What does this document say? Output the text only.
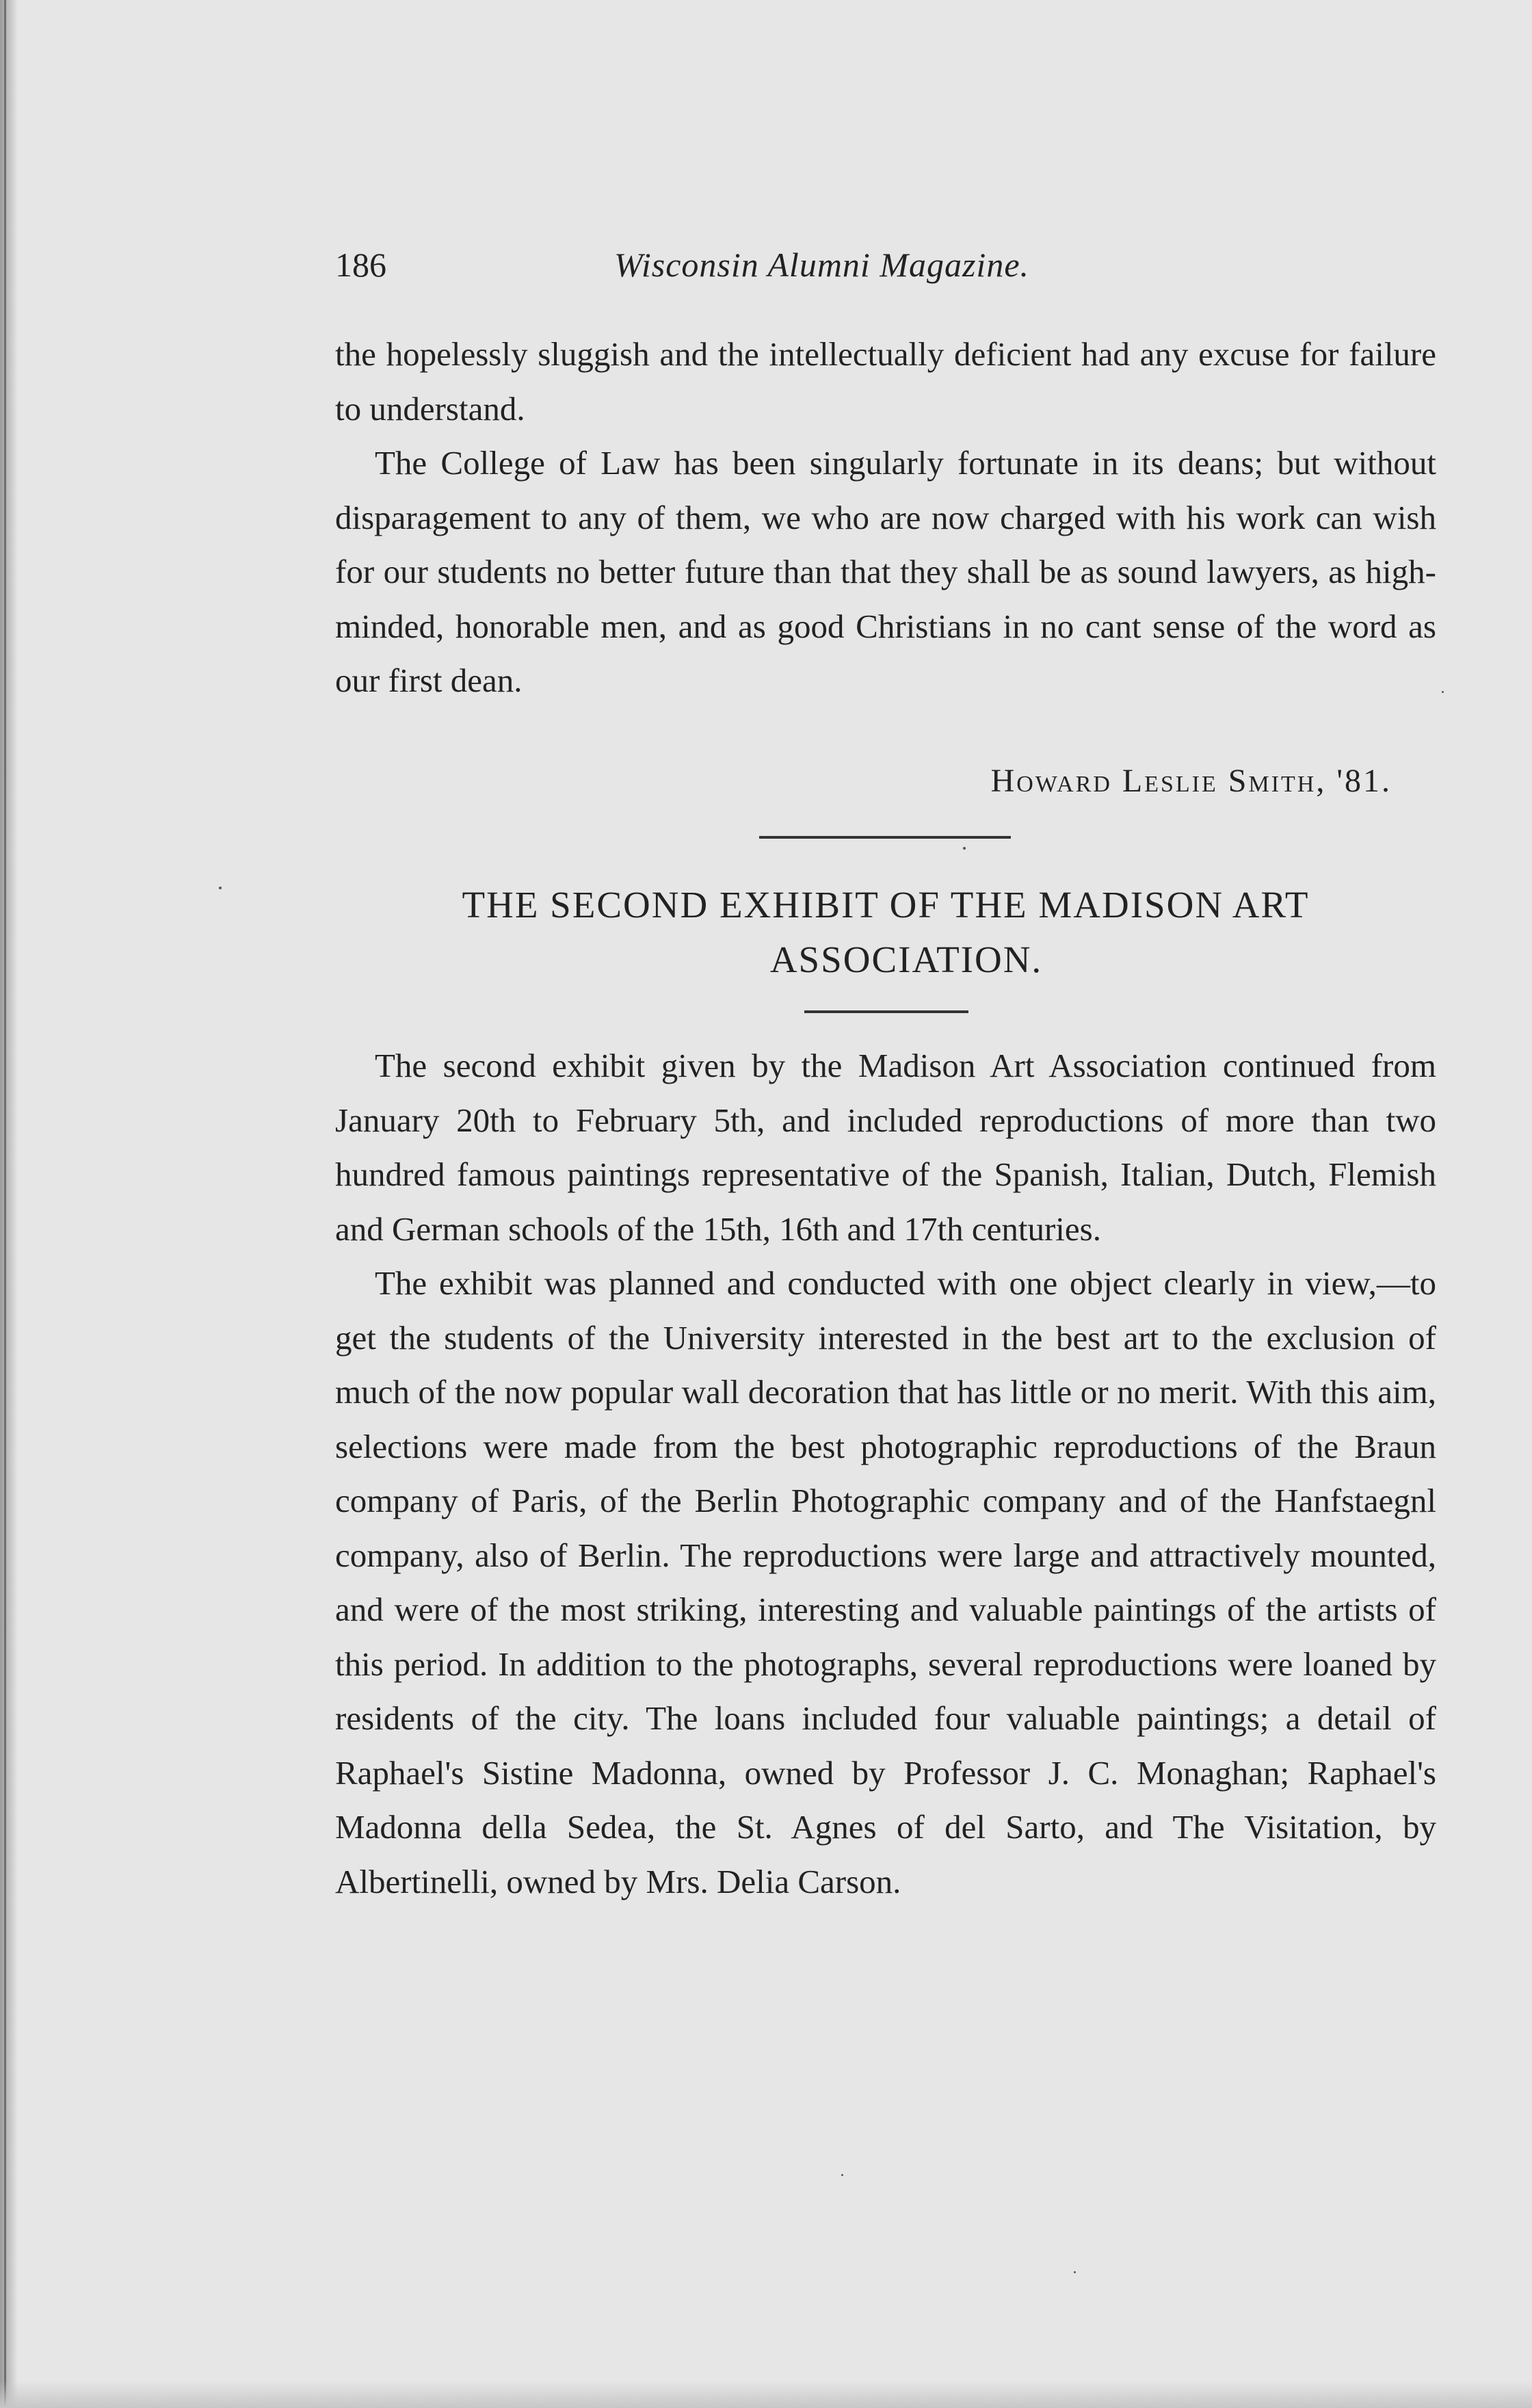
186	Wisconsin Alumni Magazine.

the hopelessly sluggish and the intellectually deficient had any excuse for failure to understand.

The College of Law has been singularly fortunate in its deans; but without disparagement to any of them, we who are now charged with his work can wish for our students no better future than that they shall be as sound lawyers, as high-minded, honorable men, and as good Christians in no cant sense of the word as our first dean.

Howard Leslie Smith, '81.
THE SECOND EXHIBIT OF THE MADISON ART
ASSOCIATION.

The second exhibit given by the Madison Art Association continued from January 20th to February 5th, and included reproductions of more than two hundred famous paintings representative of the Spanish, Italian, Dutch, Flemish and German schools of the 15th, 16th and 17th centuries.

The exhibit was planned and conducted with one object clearly in view,—to get the students of the University interested in the best art to the exclusion of much of the now popular wall decoration that has little or no merit. With this aim, selections were made from the best photographic reproductions of the Braun company of Paris, of the Berlin Photographic company and of the Hanfstaegnl company, also of Berlin. The reproductions were large and attractively mounted, and were of the most striking, interesting and valuable paintings of the artists of this period. In addition to the photographs, several reproductions were loaned by residents of the city. The loans included four valuable paintings; a detail of Raphael's Sistine Madonna, owned by Professor J. C. Monaghan; Raphael's Madonna della Sedea, the St. Agnes of del Sarto, and The Visitation, by Albertinelli, owned by Mrs. Delia Carson.
